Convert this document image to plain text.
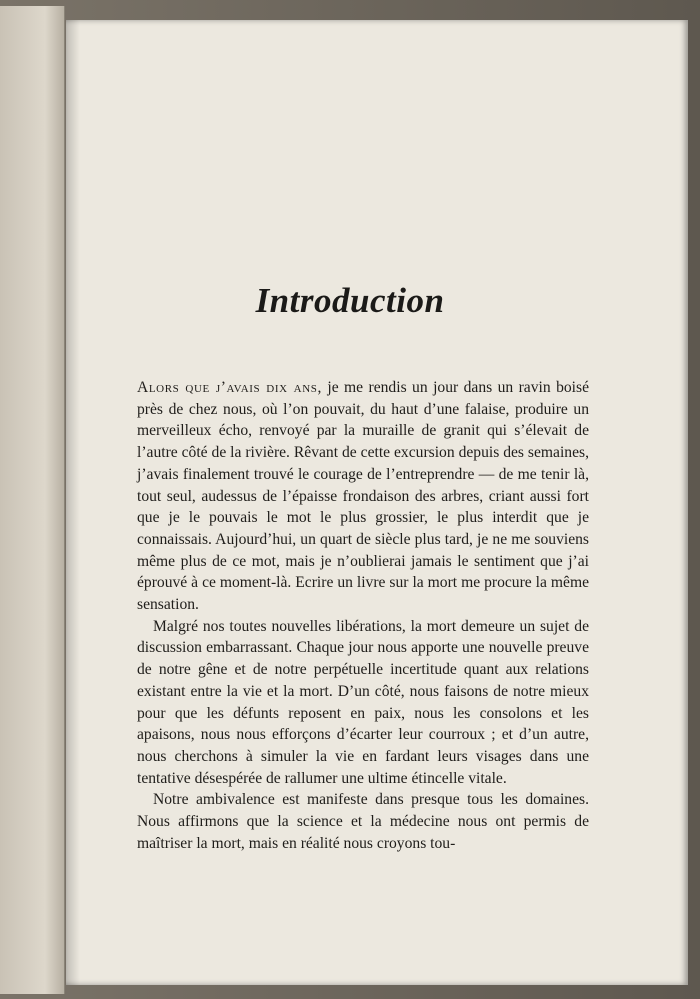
Introduction

Alors que j’avais dix ans, je me rendis un jour dans un ravin boisé près de chez nous, où l’on pouvait, du haut d’une falaise, produire un merveilleux écho, renvoyé par la muraille de granit qui s’élevait de l’autre côté de la rivière. Rêvant de cette excursion depuis des semaines, j’avais finalement trouvé le courage de l’entreprendre — de me tenir là, tout seul, audessus de l’épaisse frondaison des arbres, criant aussi fort que je le pouvais le mot le plus grossier, le plus interdit que je connaissais. Aujourd’hui, un quart de siècle plus tard, je ne me souviens même plus de ce mot, mais je n’oublierai jamais le sentiment que j’ai éprouvé à ce moment-là. Ecrire un livre sur la mort me procure la même sensation.

Malgré nos toutes nouvelles libérations, la mort demeure un sujet de discussion embarrassant. Chaque jour nous apporte une nouvelle preuve de notre gêne et de notre perpétuelle incertitude quant aux relations existant entre la vie et la mort. D’un côté, nous faisons de notre mieux pour que les défunts reposent en paix, nous les consolons et les apaisons, nous nous efforçons d’écarter leur courroux ; et d’un autre, nous cherchons à simuler la vie en fardant leurs visages dans une tentative désespérée de rallumer une ultime étincelle vitale.

Notre ambivalence est manifeste dans presque tous les domaines. Nous affirmons que la science et la médecine nous ont permis de maîtriser la mort, mais en réalité nous croyons tou-
